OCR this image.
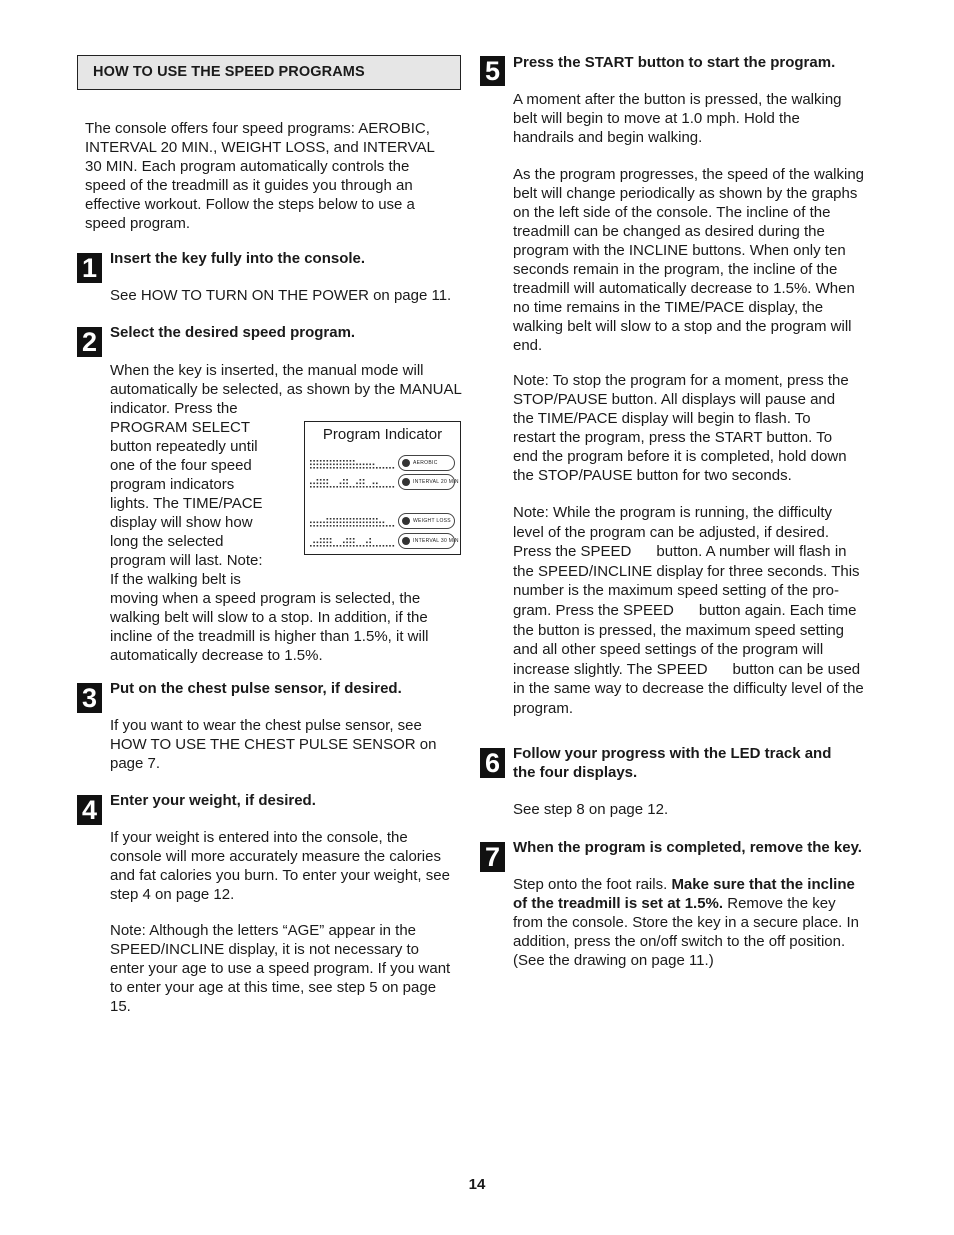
HOW TO USE THE SPEED PROGRAMS
The console offers four speed programs: AEROBIC,
INTERVAL 20 MIN., WEIGHT LOSS, and INTERVAL
30 MIN. Each program automatically controls the
speed of the treadmill as it guides you through an
effective workout. Follow the steps below to use a
speed program.
1 Insert the key fully into the console.
See HOW TO TURN ON THE POWER on page 11.
2 Select the desired speed program.
When the key is inserted, the manual mode will
automatically be selected, as shown by the MANUAL
indicator. Press the
PROGRAM SELECT
button repeatedly until
one of the four speed
program indicators
lights. The TIME/PACE
display will show how
long the selected
program will last. Note:
If the walking belt is
moving when a speed program is selected, the
walking belt will slow to a stop. In addition, if the
incline of the treadmill is higher than 1.5%, it will
automatically decrease to 1.5%.
Program Indicator
AEROBIC
INTERVAL 20 MIN
WEIGHT LOSS
INTERVAL 30 MIN
3 Put on the chest pulse sensor, if desired.
If you want to wear the chest pulse sensor, see
HOW TO USE THE CHEST PULSE SENSOR on
page 7.
4 Enter your weight, if desired.
If your weight is entered into the console, the
console will more accurately measure the calories
and fat calories you burn. To enter your weight, see
step 4 on page 12.
Note: Although the letters “AGE” appear in the
SPEED/INCLINE display, it is not necessary to
enter your age to use a speed program. If you want
to enter your age at this time, see step 5 on page
15.
5 Press the START button to start the program.
A moment after the button is pressed, the walking
belt will begin to move at 1.0 mph. Hold the
handrails and begin walking.
As the program progresses, the speed of the walking
belt will change periodically as shown by the graphs
on the left side of the console. The incline of the
treadmill can be changed as desired during the
program with the INCLINE buttons. When only ten
seconds remain in the program, the incline of the
treadmill will automatically decrease to 1.5%. When
no time remains in the TIME/PACE display, the
walking belt will slow to a stop and the program will
end.
Note: To stop the program for a moment, press the
STOP/PAUSE button. All displays will pause and
the TIME/PACE display will begin to flash. To
restart the program, press the START button. To
end the program before it is completed, hold down
the STOP/PAUSE button for two seconds.
Note: While the program is running, the difficulty
level of the program can be adjusted, if desired.
Press the SPEED      button. A number will flash in
the SPEED/INCLINE display for three seconds. This
number is the maximum speed setting of the pro-
gram. Press the SPEED      button again. Each time
the button is pressed, the maximum speed setting
and all other speed settings of the program will
increase slightly. The SPEED      button can be used
in the same way to decrease the difficulty level of the
program.
6 Follow your progress with the LED track and
the four displays.
See step 8 on page 12.
7 When the program is completed, remove the key.
Step onto the foot rails. Make sure that the incline
of the treadmill is set at 1.5%. Remove the key
from the console. Store the key in a secure place. In
addition, press the on/off switch to the off position.
(See the drawing on page 11.)
14
